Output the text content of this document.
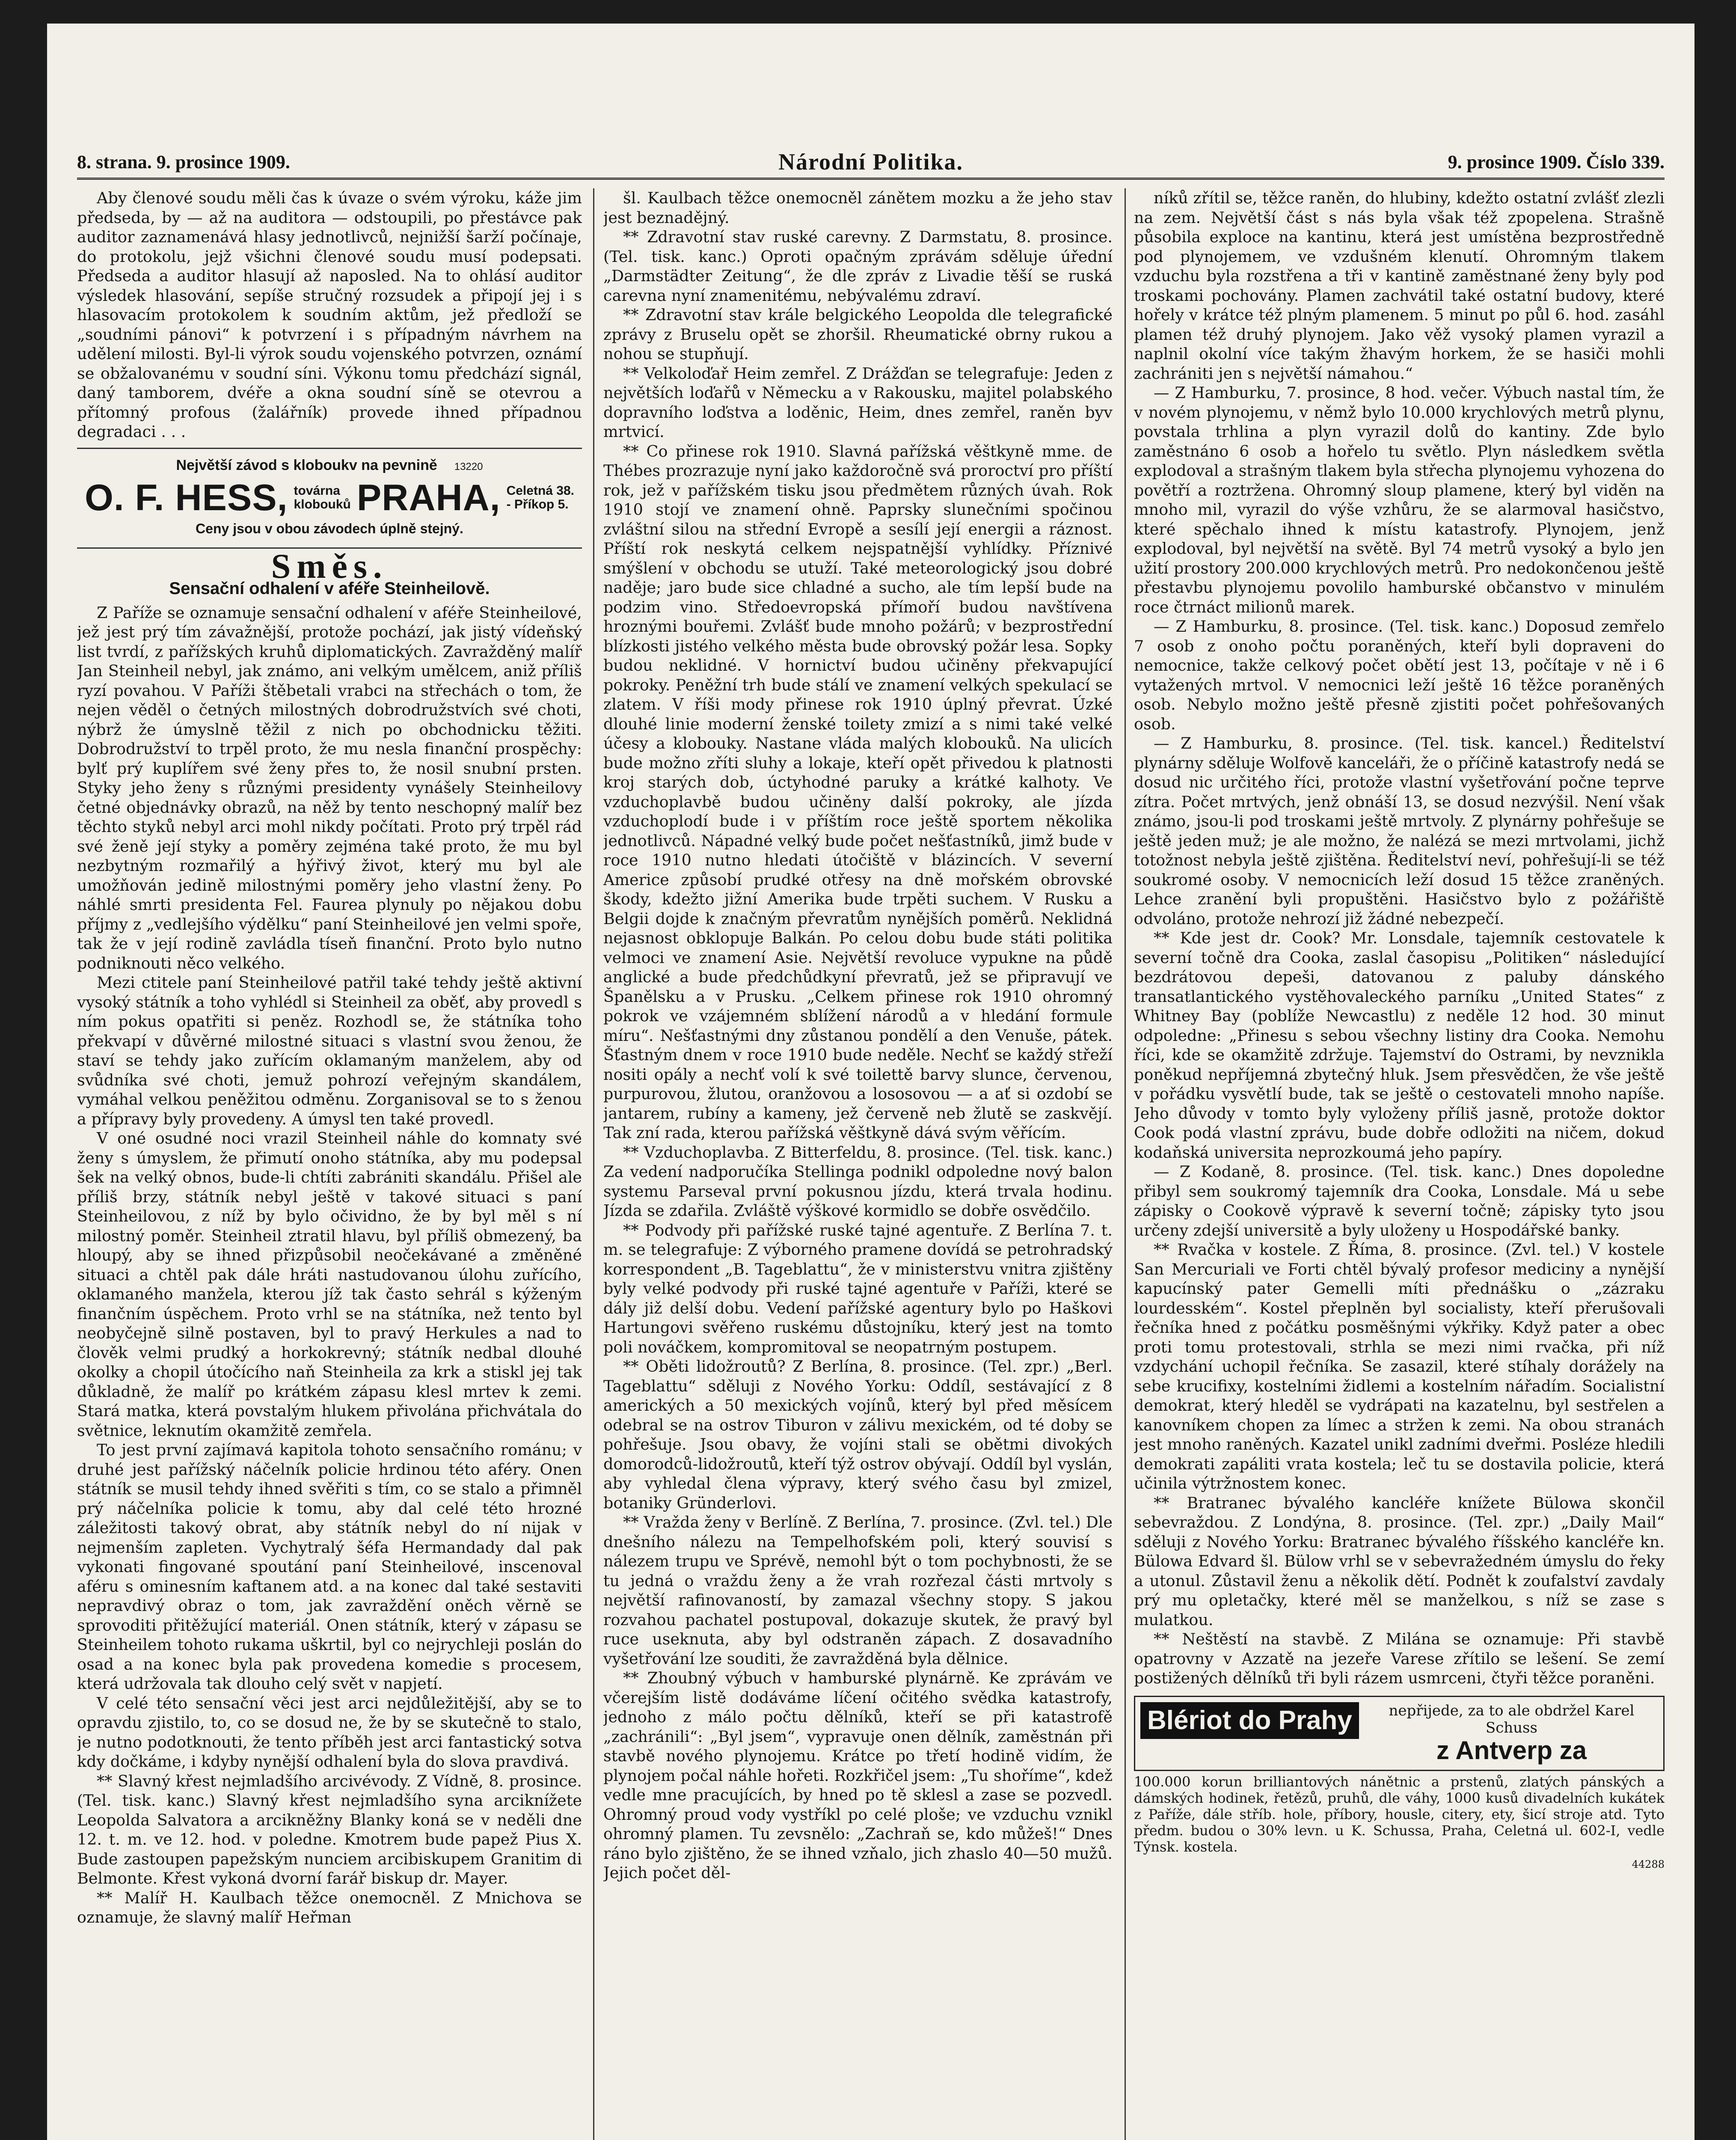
8. strana. 9. prosince 1909.	Národní Politika.	9. prosince 1909. Číslo 339.

Aby členové soudu měli čas k úvaze o svém výroku, káže jim předseda, by — až na auditora — odstoupili, po přestávce pak auditor zaznamenává hlasy jednotlivců, nejnižší šarží počínaje, do protokolu, jejž všichni členové soudu musí podepsati. Předseda a auditor hlasují až naposled. Na to ohlásí auditor výsledek hlasování, sepíše stručný rozsudek a připojí jej i s hlasovacím protokolem k soudním aktům, jež předloží se „soudními pánovi“ k potvrzení i s případným návrhem na udělení milosti. Byl-li výrok soudu vojenského potvrzen, oznámí se obžalovanému v soudní síni. Výkonu tomu předchází signál, daný tamborem, dvéře a okna soudní síně se otevrou a přítomný profous (žalářník) provede ihned případnou degradaci . . .

Největší závod s kloboukv na pevnině 13220
O. F. HESS, továrna
klobouků PRAHA, Celetná 38.
- Příkop 5.
Ceny jsou v obou závodech úplně stejný.
Směs.
Sensační odhalení v aféře Steinheilově.

Z Paříže se oznamuje sensační odhalení v aféře Steinheilové, jež jest prý tím závažnější, protože pochází, jak jistý vídeňský list tvrdí, z pařížských kruhů diplomatických. Zavražděný malíř Jan Steinheil nebyl, jak známo, ani velkým umělcem, aniž příliš ryzí povahou. V Paříži štěbetali vrabci na střechách o tom, že nejen věděl o četných milostných dobrodružstvích své choti, nýbrž že úmyslně těžil z nich po obchodnicku těžiti. Dobrodružství to trpěl proto, že mu nesla finanční prospěchy: bylť prý kuplířem své ženy přes to, že nosil snubní prsten. Styky jeho ženy s různými presidenty vynášely Steinheilovy četné objednávky obrazů, na něž by tento neschopný malíř bez těchto styků nebyl arci mohl nikdy počítati. Proto prý trpěl rád své ženě její styky a poměry zejména také proto, že mu byl nezbytným rozmařilý a hýřivý život, který mu byl ale umožňován jedině milostnými poměry jeho vlastní ženy. Po náhlé smrti presidenta Fel. Faurea plynuly po nějakou dobu příjmy z „vedlejšího výdělku“ paní Steinheilové jen velmi spoře, tak že v její rodině zavládla tíseň finanční. Proto bylo nutno podniknouti něco velkého.

Mezi ctitele paní Steinheilové patřil také tehdy ještě aktivní vysoký státník a toho vyhlédl si Steinheil za oběť, aby provedl s ním pokus opatřiti si peněz. Rozhodl se, že státníka toho překvapí v důvěrné milostné situaci s vlastní svou ženou, že staví se tehdy jako zuřícím oklamaným manželem, aby od svůdníka své choti, jemuž pohrozí veřejným skandálem, vymáhal velkou peněžitou odměnu. Zorganisoval se to s ženou a přípravy byly provedeny. A úmysl ten také provedl.

V oné osudné noci vrazil Steinheil náhle do komnaty své ženy s úmyslem, že přimutí onoho státníka, aby mu podepsal šek na velký obnos, bude-li chtíti zabrániti skandálu. Přišel ale příliš brzy, státník nebyl ještě v takové situaci s paní Steinheilovou, z níž by bylo očividno, že by byl měl s ní milostný poměr. Steinheil ztratil hlavu, byl příliš obmezený, ba hloupý, aby se ihned přizpůsobil neočekávané a změněné situaci a chtěl pak dále hráti nastudovanou úlohu zuřícího, oklamaného manžela, kterou jíž tak často sehrál s kýženým finančním úspěchem. Proto vrhl se na státníka, než tento byl neobyčejně silně postaven, byl to pravý Herkules a nad to člověk velmi prudký a horkokrevný; státník nedbal dlouhé okolky a chopil útočícího naň Steinheila za krk a stiskl jej tak důkladně, že malíř po krátkém zápasu klesl mrtev k zemi. Stará matka, která povstalým hlukem přivolána přichvátala do světnice, leknutím okamžitě zemřela.

To jest první zajímavá kapitola tohoto sensačního románu; v druhé jest pařížský náčelník policie hrdinou této aféry. Onen státník se musil tehdy ihned svěřiti s tím, co se stalo a přimněl prý náčelníka policie k tomu, aby dal celé této hrozné záležitosti takový obrat, aby státník nebyl do ní nijak v nejmenším zapleten. Vychytralý šéfa Hermandady dal pak vykonati fingované spoutání paní Steinheilové, inscenoval aféru s ominesním kaftanem atd. a na konec dal také sestaviti nepravdivý obraz o tom, jak zavraždění oněch věrně se sprovoditi přitěžující materiál. Onen státník, který v zápasu se Steinheilem tohoto rukama uškrtil, byl co nejrychleji poslán do osad a na konec byla pak provedena komedie s procesem, která udržovala tak dlouho celý svět v napjetí.

V celé této sensační věci jest arci nejdůležitější, aby se to opravdu zjistilo, to, co se dosud ne, že by se skutečně to stalo, je nutno podotknouti, že tento příběh jest arci fantastický sotva kdy dočkáme, i kdyby nynější odhalení byla do slova pravdivá.

** Slavný křest nejmladšího arcivévody. Z Vídně, 8. prosince. (Tel. tisk. kanc.) Slavný křest nejmladšího syna arciknížete Leopolda Salvatora a arcikněžny Blanky koná se v neděli dne 12. t. m. ve 12. hod. v poledne. Kmotrem bude papež Pius X. Bude zastoupen papežským nunciem arcibiskupem Granitim di Belmonte. Křest vykoná dvorní farář biskup dr. Mayer.

** Malíř H. Kaulbach těžce onemocněl. Z Mnichova se oznamuje, že slavný malíř Heřman

šl. Kaulbach těžce onemocněl zánětem mozku a že jeho stav jest beznadějný.

** Zdravotní stav ruské carevny. Z Darmstatu, 8. prosince. (Tel. tisk. kanc.) Oproti opačným zprávám sděluje úřední „Darmstädter Zeitung“, že dle zpráv z Livadie těší se ruská carevna nyní znamenitému, nebývalému zdraví.

** Zdravotní stav krále belgického Leopolda dle telegrafické zprávy z Bruselu opět se zhoršil. Rheumatické obrny rukou a nohou se stupňují.

** Velkoloďař Heim zemřel. Z Drážďan se telegrafuje: Jeden z největších loďařů v Německu a v Rakousku, majitel polabského dopravního loďstva a loděnic, Heim, dnes zemřel, raněn byv mrtvicí.

** Co přinese rok 1910. Slavná pařížská věštkyně mme. de Thébes prozrazuje nyní jako každoročně svá proroctví pro příští rok, jež v pařížském tisku jsou předmětem různých úvah. Rok 1910 stojí ve znamení ohně. Paprsky slunečními spočinou zvláštní silou na střední Evropě a sesílí její energii a ráznost. Příští rok neskytá celkem nejspatnější vyhlídky. Příznivé smýšlení v obchodu se utuží. Také meteorologický jsou dobré naděje; jaro bude sice chladné a sucho, ale tím lepší bude na podzim vino. Středoevropská přímoří budou navštívena hroznými bouřemi. Zvlášť bude mnoho požárů; v bezprostřední blízkosti jistého velkého města bude obrovský požár lesa. Sopky budou neklidné. V hornictví budou učiněny překvapující pokroky. Peněžní trh bude stálí ve znamení velkých spekulací se zlatem. V říši mody přinese rok 1910 úplný převrat. Úzké dlouhé linie moderní ženské toilety zmizí a s nimi také velké účesy a klobouky. Nastane vláda malých klobouků. Na ulicích bude možno zříti sluhy a lokaje, kteří opět přivedou k platnosti kroj starých dob, úctyhodné paruky a krátké kalhoty. Ve vzduchoplavbě budou učiněny další pokroky, ale jízda vzduchoplodí bude i v příštím roce ještě sportem několika jednotlivců. Nápadné velký bude počet nešťastníků, jimž bude v roce 1910 nutno hledati útočiště v blázincích. V severní Americe způsobí prudké otřesy na dně mořském obrovské škody, kdežto jižní Amerika bude trpěti suchem. V Rusku a Belgii dojde k značným převratům nynějších poměrů. Neklidná nejasnost obklopuje Balkán. Po celou dobu bude státi politika velmoci ve znamení Asie. Největší revoluce vypukne na půdě anglické a bude předchůdkyní převratů, jež se připravují ve Španělsku a v Prusku. „Celkem přinese rok 1910 ohromný pokrok ve vzájemném sblížení národů a v hledání formule míru“. Nešťastnými dny zůstanou pondělí a den Venuše, pátek. Šťastným dnem v roce 1910 bude neděle. Nechť se každý střeží nositi opály a nechť volí k své toilettě barvy sluncе, červenou, purpurovou, žlutou, oranžovou a lososovou — a ať si ozdobí se jantarem, rubíny a kameny, jež červeně neb žlutě se zaskvějí. Tak zní rada, kterou pařížská věštkyně dává svým věřícím.

** Vzduchoplavba. Z Bitterfeldu, 8. prosince. (Tel. tisk. kanc.) Za vedení nadporučíka Stellinga podnikl odpoledne nový balon systemu Parseval první pokusnou jízdu, která trvala hodinu. Jízda se zdařila. Zvláště výškové kormidlo se dobře osvědčilo.

** Podvody při pařížské ruské tajné agentuře. Z Berlína 7. t. m. se telegrafuje: Z výborného pramene dovídá se petrohradský korrespondent „B. Tageblattu“, že v ministerstvu vnitra zjištěny byly velké podvody při ruské tajné agentuře v Paříži, které se dály již delší dobu. Vedení pařížské agentury bylo po Haškovi Hartungovi svěřeno ruskému důstojníku, který jest na tomto poli nováčkem, kompromitoval se neopatrným postupem.

** Oběti lidožroutů? Z Berlína, 8. prosince. (Tel. zpr.) „Berl. Tageblattu“ sděluji z Nového Yorku: Oddíl, sestávající z 8 amerických a 50 mexických vojínů, který byl před měsícem odebral se na ostrov Tiburon v zálivu mexickém, od té doby se pohřešuje. Jsou obavy, že vojíni stali se obětmi divokých domorodců-lidožroutů, kteří týž ostrov obývají. Oddíl byl vyslán, aby vyhledal člena výpravy, který svého času byl zmizel, botaniky Gründerlovi.

** Vražda ženy v Berlíně. Z Berlína, 7. prosince. (Zvl. tel.) Dle dnešního nálezu na Tempelhofském poli, který souvisí s nálezem trupu ve Sprévě, nemohl být o tom pochybnosti, že se tu jedná o vraždu ženy a že vrah rozřezal části mrtvoly s největší rafinovaností, by zamazal všechny stopy. S jakou rozvahou pachatel postupoval, dokazuje skutek, že pravý byl ruce useknuta, aby byl odstraněn zápach. Z dosavadního vyšetřování lze souditi, že zavražděná byla dělnice.

** Zhoubný výbuch v hamburské plynárně. Ke zprávám ve včerejším listě dodáváme líčení očitého svědka katastrofy, jednoho z málo počtu dělníků, kteří se při katastrofě „zachránili“: „Byl jsem“, vypravuje onen dělník, zaměstnán při stavbě nového plynojemu. Krátce po třetí hodině vidím, že plynojem počal náhle hořeti. Rozkřičel jsem: „Tu shoříme“, kdež vedle mne pracujících, by hned po tě sklesl a zase se pozvedl. Ohromný proud vody vystříkl po celé ploše; ve vzduchu vznikl ohromný plamen. Tu zevsnělo: „Zachraň se, kdo můžeš!“ Dnes ráno bylo zjištěno, že se ihned vzňalo, jich zhaslo 40—50 mužů. Jejich počet děl-

níků zřítil se, těžce raněn, do hlubiny, kdežto ostatní zvlášť zlezli na zem. Největší část s nás byla však též zpopelena. Strašně působila exploce na kantinu, která jest umístěna bezprostředně pod plynojemem, ve vzdušném klenutí. Ohromným tlakem vzduchu byla rozstřena a tři v kantině zaměstnané ženy byly pod troskami pochovány. Plamen zachvátil také ostatní budovy, které hořely v krátce též plným plamenem. 5 minut po půl 6. hod. zasáhl plamen též druhý plynojem. Jako věž vysoký plamen vyrazil a naplnil okolní více takým žhavým horkem, že se hasiči mohli zachrániti jen s největší námahou.“

— Z Hamburku, 7. prosince, 8 hod. večer. Výbuch nastal tím, že v novém plynojemu, v němž bylo 10.000 krychlových metrů plynu, povstala trhlina a plyn vyrazil dolů do kantiny. Zde bylo zaměstnáno 6 osob a hořelo tu světlo. Plyn následkem světla explodoval a strašným tlakem byla střecha plynojemu vyhozena do povětří a roztržena. Ohromný sloup plamene, který byl viděn na mnoho mil, vyrazil do výše vzhůru, že se alarmoval hasičstvo, které spěchalo ihned k místu katastrofy. Plynojem, jenž explodoval, byl největší na světě. Byl 74 metrů vysoký a bylo jen užití prostory 200.000 krychlových metrů. Pro nedokončenou ještě přestavbu plynojemu povolilo hamburské občanstvo v minulém roce čtrnáct milionů marek.

— Z Hamburku, 8. prosince. (Tel. tisk. kanc.) Doposud zemřelo 7 osob z onoho počtu poraněných, kteří byli dopraveni do nemocnice, takže celkový počet obětí jest 13, počítaje v ně i 6 vytažených mrtvol. V nemocnici leží ještě 16 těžce poraněných osob. Nebylo možno ještě přesně zjistiti počet pohřešovaných osob.

— Z Hamburku, 8. prosince. (Tel. tisk. kancel.) Ředitelství plynárny sděluje Wolfově kanceláři, že o příčině katastrofy nedá se dosud nic určitého říci, protože vlastní vyšetřování počne teprve zítra. Počet mrtvých, jenž obnáší 13, se dosud nezvýšil. Není však známo, jsou-li pod troskami ještě mrtvoly. Z plynárny pohřešuje se ještě jeden muž; je ale možno, že nalézá se mezi mrtvolami, jichž totožnost nebyla ještě zjištěna. Ředitelství neví, pohřešují-li se též soukromé osoby. V nemocnicích leží dosud 15 těžce zraněných. Lehce zranění byli propuštěni. Hasičstvo bylo z požářiště odvoláno, protože nehrozí již žádné nebezpečí.

** Kde jest dr. Cook? Mr. Lonsdale, tajemník cestovatele k severní točně dra Cooka, zaslal časopisu „Politiken“ následující bezdrátovou depeši, datovanou z paluby dánského transatlantického vystěhovaleckého parníku „United States“ z Whitney Bay (poblíže Newcastlu) z neděle 12 hod. 30 minut odpoledne: „Přinesu s sebou všechny listiny dra Cooka. Nemohu říci, kde se okamžitě zdržuje. Tajemství do Ostrami, by nevznikla poněkud nepříjemná zbytečný hluk. Jsem přesvědčen, že vše ještě v pořádku vysvětlí bude, tak se ještě o cestovateli mnoho napíše. Jeho důvody v tomto byly vyloženy příliš jasně, protože doktor Cook podá vlastní zprávu, bude dobře odložiti na ničem, dokud kodaňská universita neprozkoumá jeho papíry.

— Z Kodaně, 8. prosince. (Tel. tisk. kanc.) Dnes dopoledne přibyl sem soukromý tajemník dra Cooka, Lonsdale. Má u sebe zápisky o Cookově výpravě k severní točně; zápisky tyto jsou určeny zdejší universitě a byly uloženy u Hospodářské banky.

** Rvačka v kostele. Z Říma, 8. prosince. (Zvl. tel.) V kostele San Mercuriali ve Forti chtěl bývalý profesor mediciny a nynější kapucínský pater Gemelli míti přednášku o „zázraku lourdesském“. Kostel přeplněn byl socialisty, kteří přerušovali řečníka hned z počátku posměšnými výkřiky. Když pater a obec proti tomu protestovali, strhla se mezi nimi rvačka, při níž vzdychání uchopil řečníka. Se zasazil, které stíhaly dorážely na sebe krucifixy, kostelními židlemi a kostelním nářadím. Socialistní demokrat, který hleděl se vydrápati na kazatelnu, byl sestřelen a kanovníkem chopen za límec a stržen k zemi. Na obou stranách jest mnoho raněných. Kazatel unikl zadními dveřmi. Posléze hledili demokrati zapáliti vrata kostela; leč tu se dostavila policie, která učinila výtržnostem konec.

** Bratranec bývalého kancléře knížete Bülowa skončil sebevraždou. Z Londýna, 8. prosince. (Tel. zpr.) „Daily Mail“ sděluji z Nového Yorku: Bratranec bývalého říšského kancléře kn. Bülowa Edvard šl. Bülow vrhl se v sebevražedném úmyslu do řeky a utonul. Zůstavil ženu a několik dětí. Podnět k zoufalství zavdaly prý mu opletačky, které měl se manželkou, s níž se zase s mulatkou.

** Neštěstí na stavbě. Z Milána se oznamuje: Při stavbě opatrovny v Azzatě na jezeře Varese zřítilo se lešení. Se zemí postižených dělníků tři byli rázem usmrceni, čtyři těžce poraněni.

Blériot do Prahy	nepřijede, za to ale obdržel Karel Schuss
z Antverp za
100.000 korun brilliantových nánětnic a prstenů, zlatých pánských a dámských hodinek, řetězů, pruhů, dle váhy, 1000 kusů divadelních kukátek z Paříže, dále stříb. hole, příbory, housle, citery, ety, šicí stroje atd. Tyto předm. budou o 30% levn. u K. Schussa, Praha, Celetná ul. 602-I, vedle Týnsk. kostela.
44288
